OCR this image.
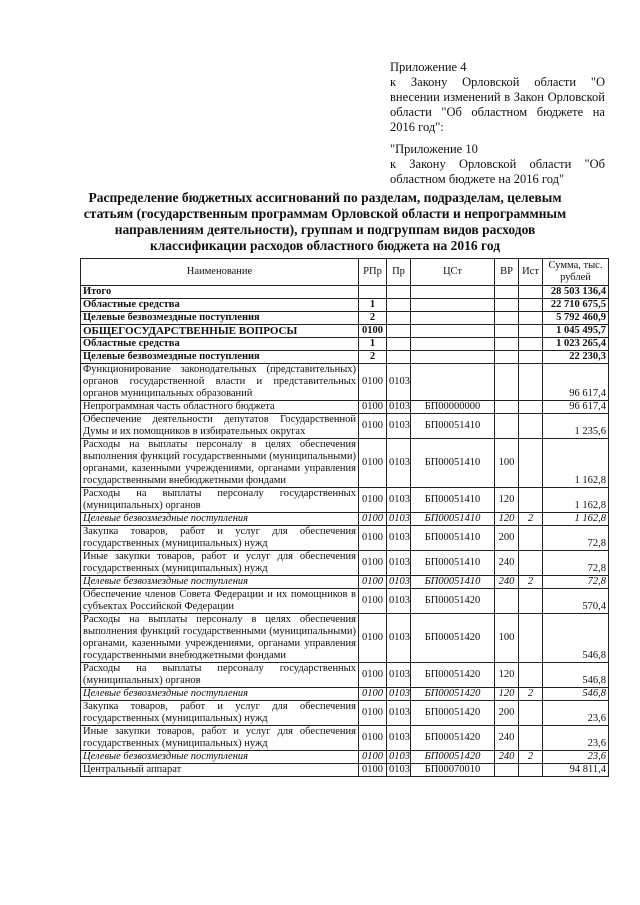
Приложение 4

к Закону Орловской области "О внесении изменений в Закон Орловской области "Об областном бюджете на 2016 год":

"Приложение 10

к Закону Орловской области "Об областном бюджете на 2016 год"

Распределение бюджетных ассигнований по разделам, подразделам, целевым статьям (государственным программам Орловской области и непрограммным направлениям деятельности), группам и подгруппам видов расходов классификации расходов областного бюджета на 2016 год
Наименование	РПр	Пр	ЦСт	ВР	Ист	Сумма, тыс. рублей
Итого						28 503 136,4
Областные средства	1					22 710 675,5
Целевые безвозмездные поступления	2					5 792 460,9
ОБЩЕГОСУДАРСТВЕННЫЕ ВОПРОСЫ	0100					1 045 495,7
Областные средства	1					1 023 265,4
Целевые безвозмездные поступления	2					22 230,3
Функционирование законодательных (представительных) органов государственной власти и представительных органов муниципальных образований	0100	0103				96 617,4
Непрограммная часть областного бюджета	0100	0103	БП00000000			96 617,4
Обеспечение деятельности депутатов Государственной Думы и их помощников в избирательных округах	0100	0103	БП00051410			1 235,6
Расходы на выплаты персоналу в целях обеспечения выполнения функций государственными (муниципальными) органами, казенными учреждениями, органами управления государственными внебюджетными фондами	0100	0103	БП00051410	100		1 162,8
Расходы на выплаты персоналу государственных (муниципальных) органов	0100	0103	БП00051410	120		1 162,8
Целевые безвозмездные поступления	0100	0103	БП00051410	120	2	1 162,8
Закупка товаров, работ и услуг для обеспечения государственных (муниципальных) нужд	0100	0103	БП00051410	200		72,8
Иные закупки товаров, работ и услуг для обеспечения государственных (муниципальных) нужд	0100	0103	БП00051410	240		72,8
Целевые безвозмездные поступления	0100	0103	БП00051410	240	2	72,8
Обеспечение членов Совета Федерации и их помощников в субъектах Российской Федерации	0100	0103	БП00051420			570,4
Расходы на выплаты персоналу в целях обеспечения выполнения функций государственными (муниципальными) органами, казенными учреждениями, органами управления государственными внебюджетными фондами	0100	0103	БП00051420	100		546,8
Расходы на выплаты персоналу государственных (муниципальных) органов	0100	0103	БП00051420	120		546,8
Целевые безвозмездные поступления	0100	0103	БП00051420	120	2	546,8
Закупка товаров, работ и услуг для обеспечения государственных (муниципальных) нужд	0100	0103	БП00051420	200		23,6
Иные закупки товаров, работ и услуг для обеспечения государственных (муниципальных) нужд	0100	0103	БП00051420	240		23,6
Целевые безвозмездные поступления	0100	0103	БП00051420	240	2	23,6
Центральный аппарат	0100	0103	БП00070010			94 811,4
